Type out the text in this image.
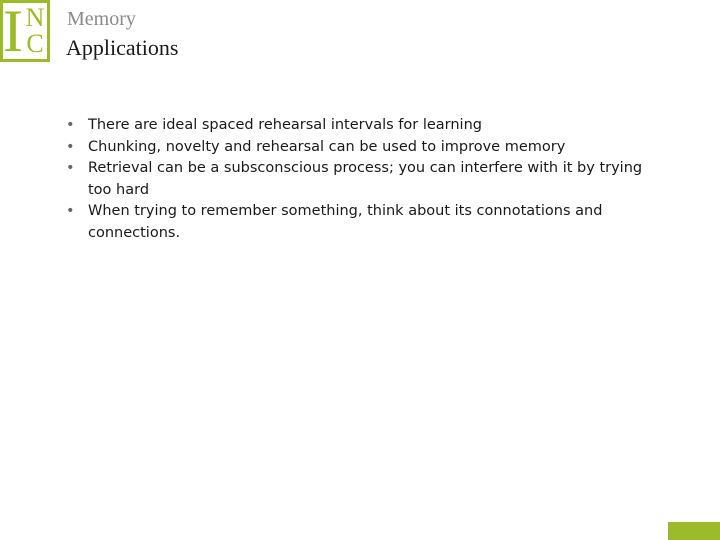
I N
C
Memory
Applications
• There are ideal spaced rehearsal intervals for learning
• Chunking, novelty and rehearsal can be used to improve memory
• Retrieval can be a subsconscious process; you can interfere with it by trying too hard
• When trying to remember something, think about its connotations and connections.
